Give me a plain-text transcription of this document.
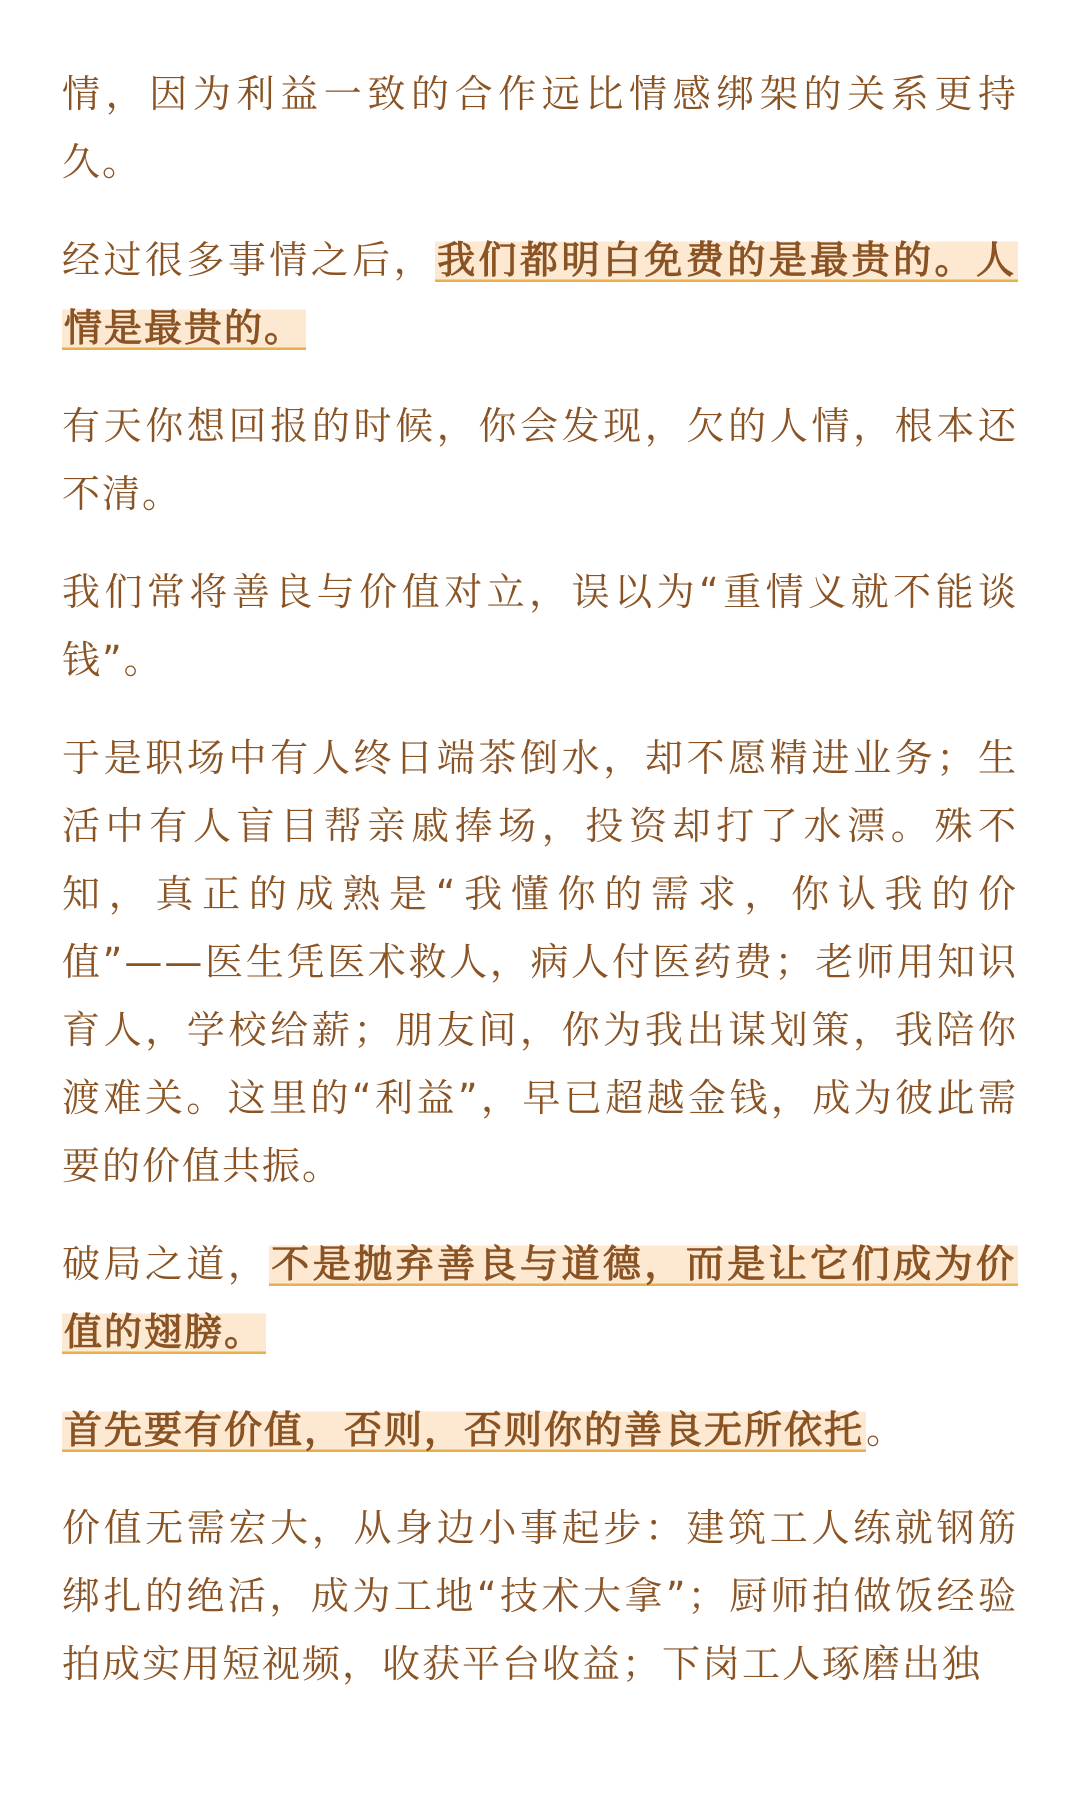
情，因为利益一致的合作远比情感绑架的关系更持久。

经过很多事情之后，我们都明白免费的是最贵的。人情是最贵的。

有天你想回报的时候，你会发现，欠的人情，根本还不清。

我们常将善良与价值对立，误以为“重情义就不能谈钱”。

于是职场中有人终日端茶倒水，却不愿精进业务；生活中有人盲目帮亲戚捧场，投资却打了水漂。殊不知，真正的成熟是“我懂你的需求，你认我的价值”——医生凭医术救人，病人付医药费；老师用知识育人，学校给薪；朋友间，你为我出谋划策，我陪你渡难关。这里的“利益”，早已超越金钱，成为彼此需要的价值共振。

破局之道，不是抛弃善良与道德，而是让它们成为价值的翅膀。

首先要有价值，否则，否则你的善良无所依托。

价值无需宏大，从身边小事起步：建筑工人练就钢筋绑扎的绝活，成为工地“技术大拿”；厨师拍做饭经验拍成实用短视频，收获平台收益；下岗工人琢磨出独
